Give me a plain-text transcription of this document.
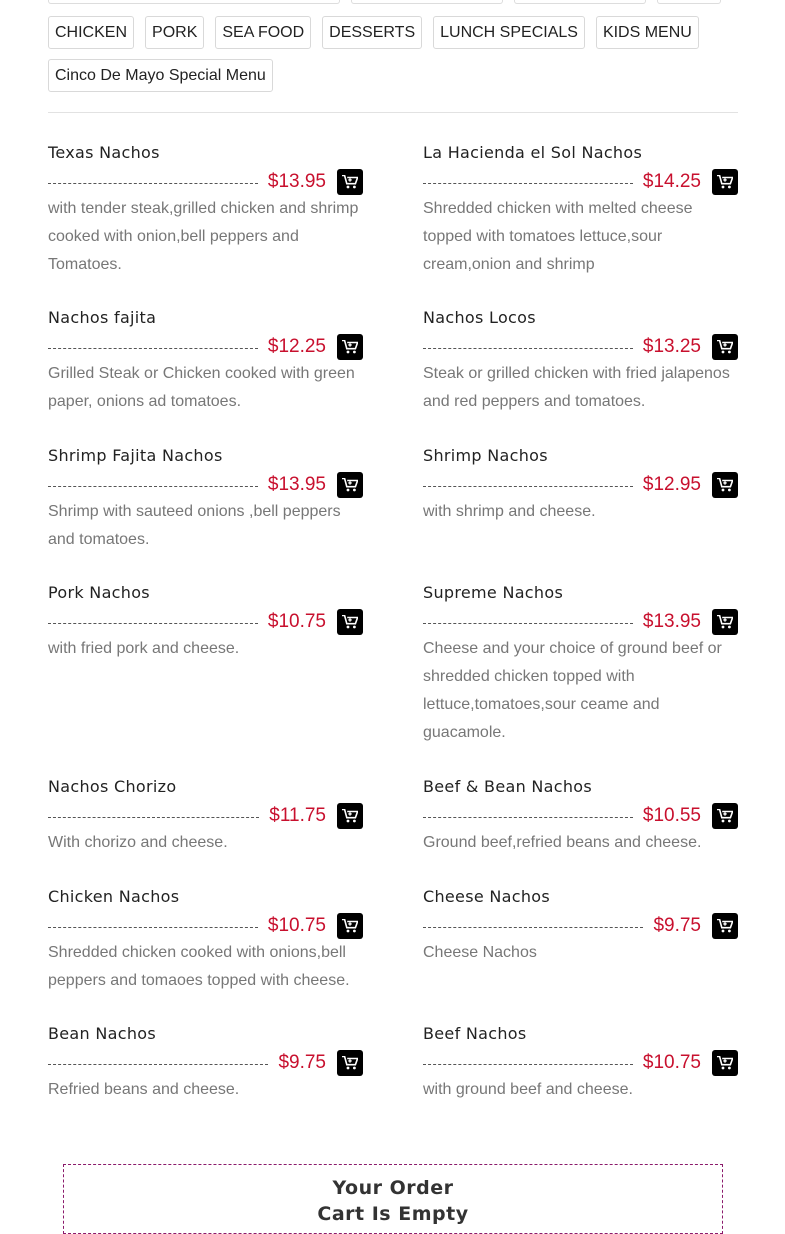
CHICKEN	PORK	SEA FOOD	DESSERTS	LUNCH SPECIALS	KIDS MENU
Cinco De Mayo Special Menu
Texas Nachos
$13.95
with tender steak,grilled chicken and shrimp cooked with onion,bell peppers and Tomatoes.
La Hacienda el Sol Nachos
$14.25
Shredded chicken with melted cheese topped with tomatoes lettuce,sour cream,onion and shrimp
Nachos fajita
$12.25
Grilled Steak or Chicken cooked with green paper, onions ad tomatoes.
Nachos Locos
$13.25
Steak or grilled chicken with fried jalapenos and red peppers and tomatoes.
Shrimp Fajita Nachos
$13.95
Shrimp with sauteed onions ,bell peppers and tomatoes.
Shrimp Nachos
$12.95
with shrimp and cheese.
Pork Nachos
$10.75
with fried pork and cheese.
Supreme Nachos
$13.95
Cheese and your choice of ground beef or shredded chicken topped with lettuce,tomatoes,sour ceame and guacamole.
Nachos Chorizo
$11.75
With chorizo and cheese.
Beef & Bean Nachos
$10.55
Ground beef,refried beans and cheese.
Chicken Nachos
$10.75
Shredded chicken cooked with onions,bell peppers and tomaoes topped with cheese.
Cheese Nachos
$9.75
Cheese Nachos
Bean Nachos
$9.75
Refried beans and cheese.
Beef Nachos
$10.75
with ground beef and cheese.
Your Order
Cart Is Empty
